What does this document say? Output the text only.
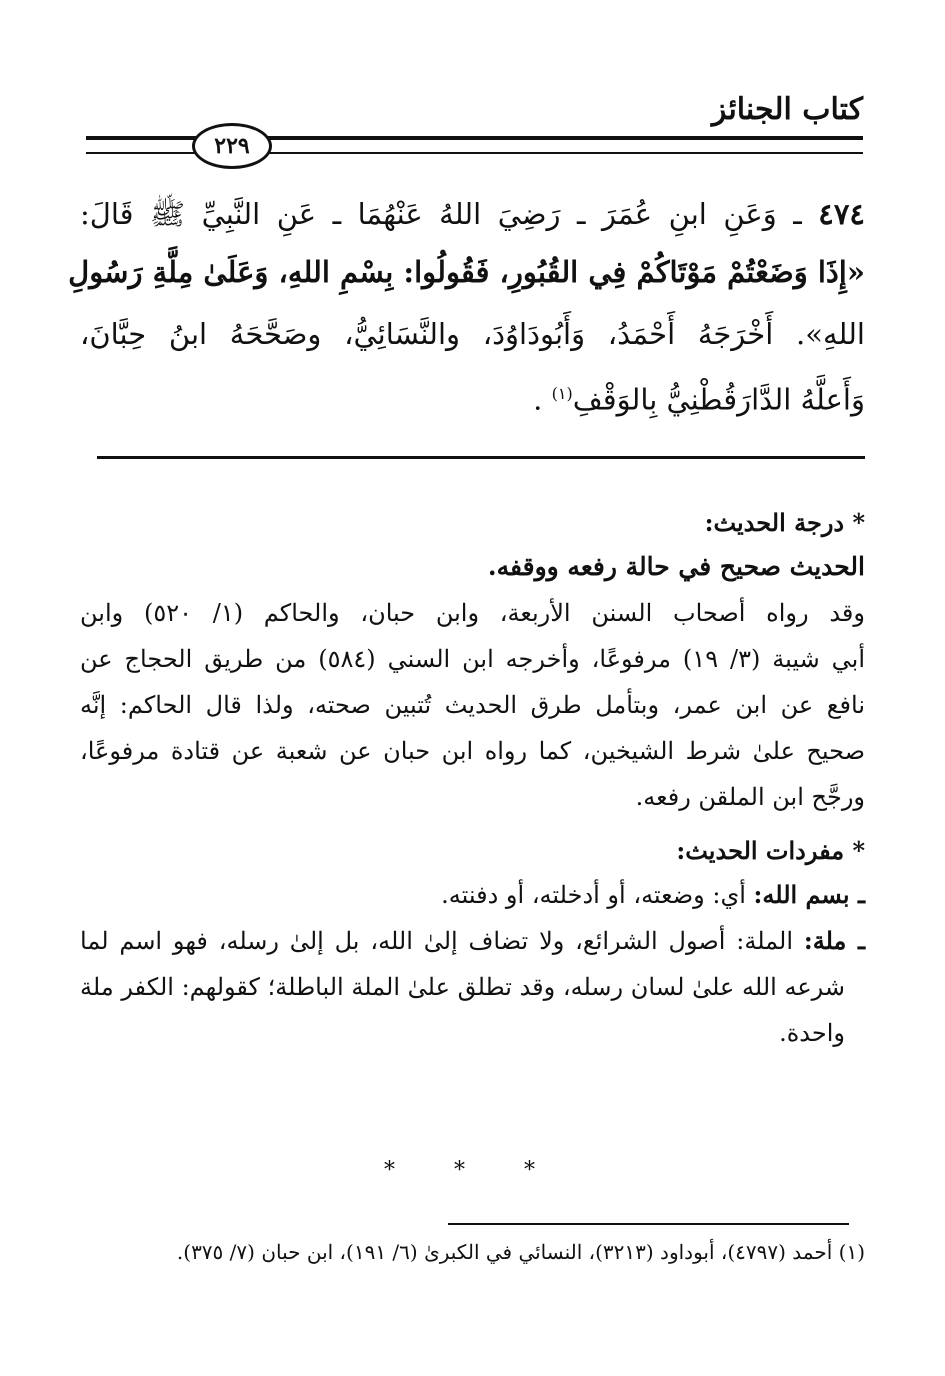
كتاب الجنائز
٢٢٩
٤٧٤ ـ وَعَنِ ابنِ عُمَرَ ـ رَضِيَ اللهُ عَنْهُمَا ـ عَنِ النَّبِيِّ ﷺ قَالَ:
«إِذَا وَضَعْتُمْ مَوْتَاكُمْ فِي القُبُورِ، فَقُولُوا: بِسْمِ اللهِ، وَعَلَىٰ مِلَّةِ رَسُولِ
اللهِ». أَخْرَجَهُ أَحْمَدُ، وَأَبُودَاوُدَ، والنَّسَائِيُّ، وصَحَّحَهُ ابنُ حِبَّانَ،
وَأَعلَّهُ الدَّارَقُطْنِيُّ بِالوَقْفِ$^{(١)}$ .
* درجة الحديث:
الحديث صحيح في حالة رفعه ووقفه.
وقد رواه أصحاب السنن الأربعة، وابن حبان، والحاكم (١/ ٥٢٠) وابن
أبي شيبة (٣/ ١٩) مرفوعًا، وأخرجه ابن السني (٥٨٤) من طريق الحجاج عن
نافع عن ابن عمر، وبتأمل طرق الحديث تُتبين صحته، ولذا قال الحاكم: إنَّه
صحيح علىٰ شرط الشيخين، كما رواه ابن حبان عن شعبة عن قتادة مرفوعًا،
ورجَّح ابن الملقن رفعه.
* مفردات الحديث:
ـ بسم الله: أي: وضعته، أو أدخلته، أو دفنته.
ـ ملة: الملة: أصول الشرائع، ولا تضاف إلىٰ الله، بل إلىٰ رسله، فهو اسم لما
شرعه الله علىٰ لسان رسله، وقد تطلق علىٰ الملة الباطلة؛ كقولهم: الكفر ملة
واحدة.
* * *
(١) أحمد (٤٧٩٧)، أبوداود (٣٢١٣)، النسائي في الكبرىٰ (٦/ ١٩١)، ابن حبان (٧/ ٣٧٥).
